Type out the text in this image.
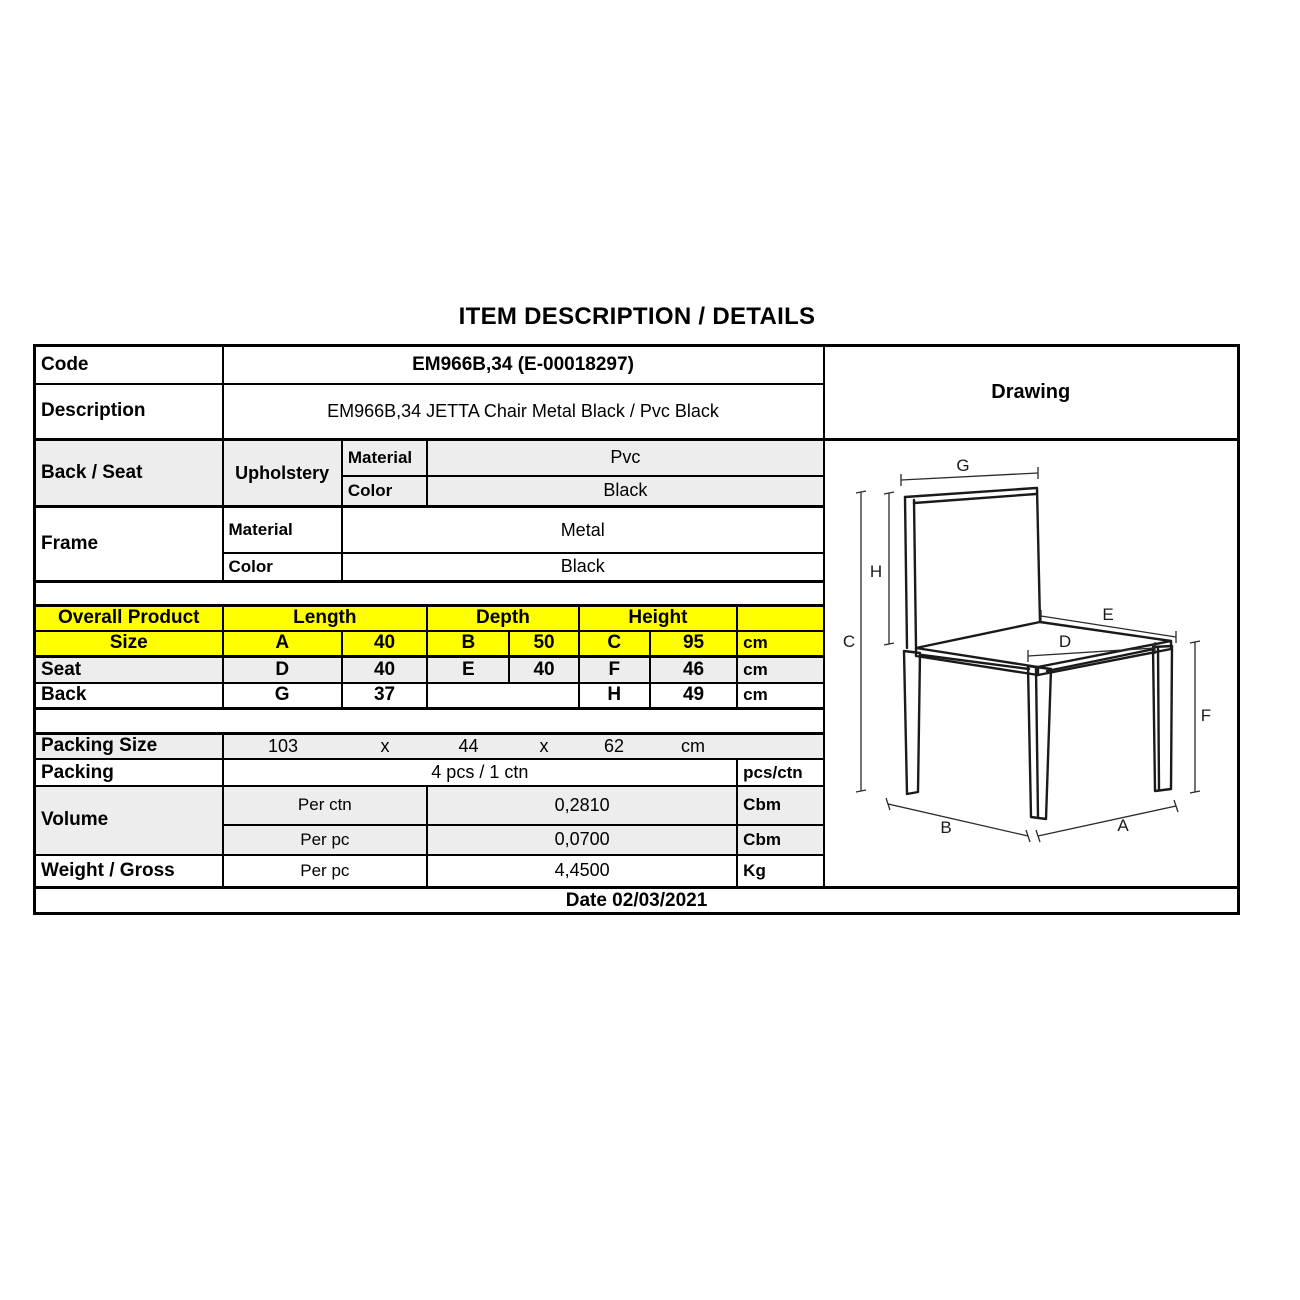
ITEM DESCRIPTION / DETAILS
Code	EM966B,34 (E-00018297)							Drawing
Description	EM966B,34 JETTA Chair Metal Black / Pvc Black							
Back / Seat	Upholstery	Material	Pvc	G
H
C
E
D
F
B	A

		Color	Black					
Frame	Material	Metal						
	Color	Black						

Overall Product	Length		Depth		Height			
Size	A	40	B	50	C	95	cm	
Seat	D	40	E	40	F	46	cm	
Back	G	37			H	49	cm	

Packing Size	103	x	44	x	62	cm

Packing	4 pcs / 1 ctn						pcs/ctn	
Volume	Per ctn		0,2810				Cbm	
	Per pc		0,0700				Cbm	
Weight / Gross	Per pc		4,4500				Kg	
Date 02/03/2021								
